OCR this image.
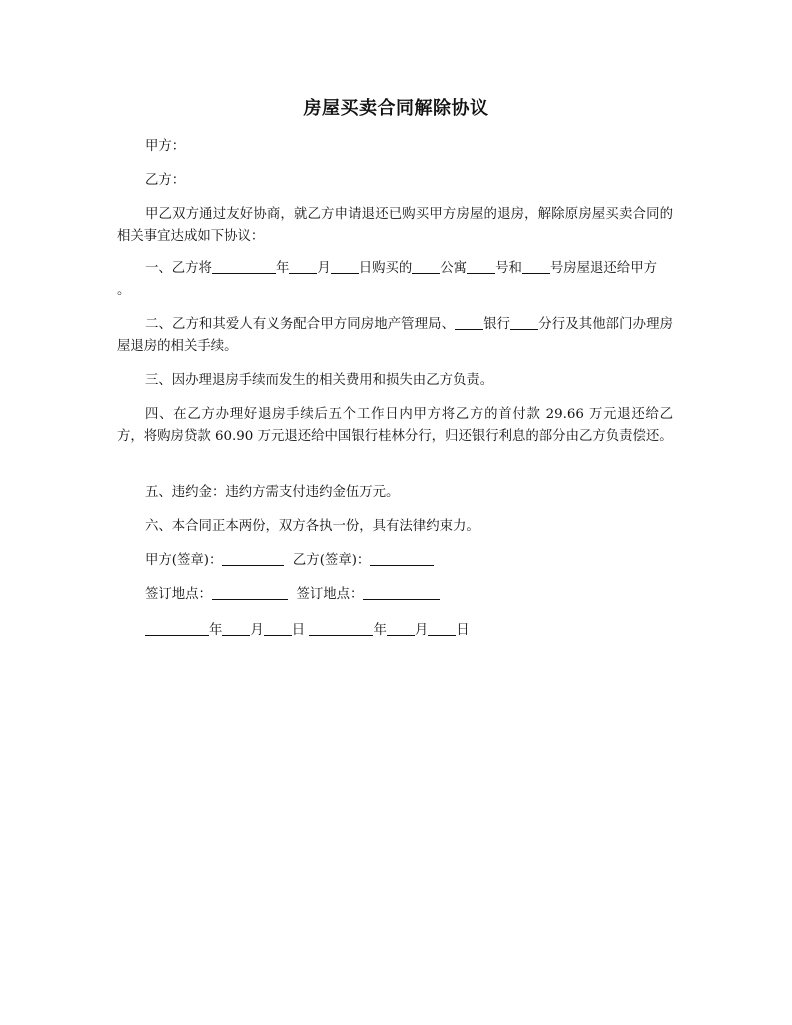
房屋买卖合同解除协议
甲方：
乙方：
甲乙双方通过友好协商，就乙方申请退还已购买甲方房屋的退房，解除原房屋买卖合同的相关事宜达成如下协议：
一、乙方将	年 月 日购买的 公寓 号和 号房屋退还给甲方
。
二、乙方和其爱人有义务配合甲方同房地产管理局、 银行 分行及其他部门办理房屋退房的相关手续。
三、因办理退房手续而发生的相关费用和损失由乙方负责。
四、在乙方办理好退房手续后五个工作日内甲方将乙方的首付款 29.66 万元退还给乙方，将购房贷款 60.90 万元退还给中国银行桂林分行，归还银行利息的部分由乙方负责偿还。
五、违约金：违约方需支付违约金伍万元。
六、本合同正本两份，双方各执一份，具有法律约束力。
甲方(签章)：	乙方(签章)：
签订地点：	签订地点：
年 月 日	年 月 日
